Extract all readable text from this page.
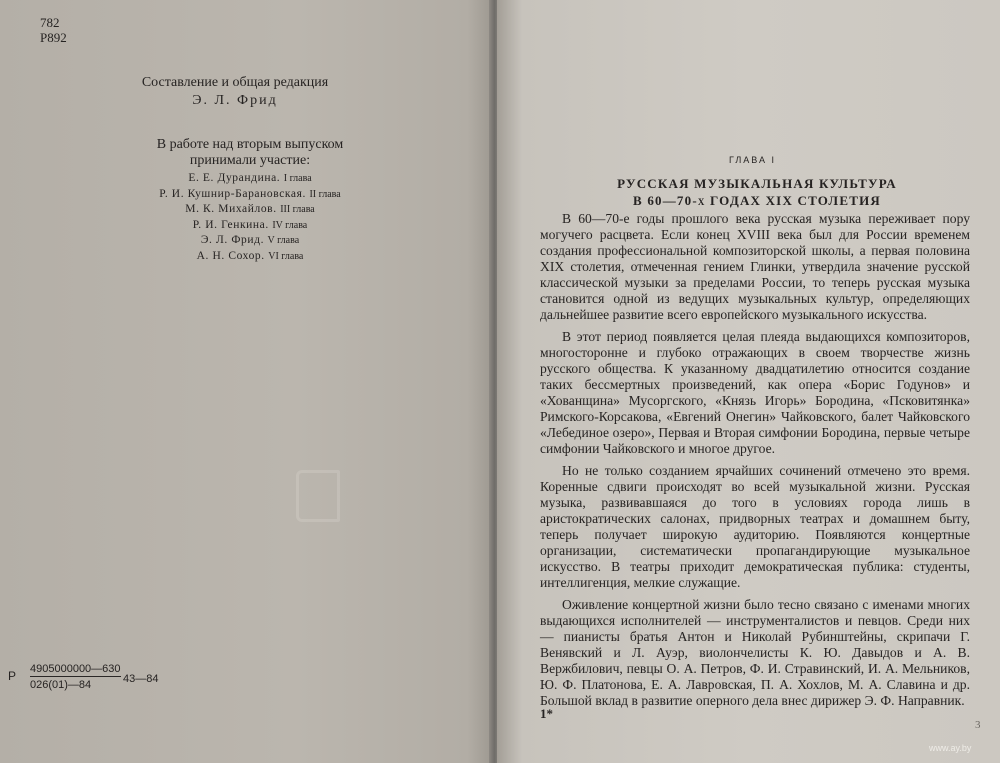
782
Р892
Составление и общая редакция
Э. Л. Фрид
В работе над вторым выпуском
принимали участие:
Е. Е. Дурандина. I глава
Р. И. Кушнир-Барановская. II глава
М. К. Михайлов. III глава
Р. И. Генкина. IV глава
Э. Л. Фрид. V глава
А. Н. Сохор. VI глава
Р 4905000000—630
026(01)—84	43—84
ГЛАВА I
РУССКАЯ МУЗЫКАЛЬНАЯ КУЛЬТУРА
В 60—70-х ГОДАХ XIX СТОЛЕТИЯ

В 60—70-е годы прошлого века русская музыка переживает пору могучего расцвета. Если конец XVIII века был для России временем создания профессиональной композиторской школы, а первая половина XIX столетия, отмеченная гением Глинки, утвердила значение русской классической музыки за пределами России, то теперь русская музыка становится одной из ведущих музыкальных культур, определяющих дальнейшее развитие всего европейского музыкального искусства.

В этот период появляется целая плеяда выдающихся композиторов, многосторонне и глубоко отражающих в своем творчестве жизнь русского общества. К указанному двадцатилетию относится создание таких бессмертных произведений, как опера «Борис Годунов» и «Хованщина» Мусоргского, «Князь Игорь» Бородина, «Псковитянка» Римского-Корсакова, «Евгений Онегин» Чайковского, балет Чайковского «Лебединое озеро», Первая и Вторая симфонии Бородина, первые четыре симфонии Чайковского и многое другое.

Но не только созданием ярчайших сочинений отмечено это время. Коренные сдвиги происходят во всей музыкальной жизни. Русская музыка, развивавшаяся до того в условиях города лишь в аристократических салонах, придворных театрах и домашнем быту, теперь получает широкую аудиторию. Появляются концертные организации, систематически пропагандирующие музыкальное искусство. В театры приходит демократическая публика: студенты, интеллигенция, мелкие служащие.

Оживление концертной жизни было тесно связано с именами многих выдающихся исполнителей — инструменталистов и певцов. Среди них — пианисты братья Антон и Николай Рубинштейны, скрипачи Г. Венявский и Л. Ауэр, виолончелисты К. Ю. Давыдов и А. В. Вержбилович, певцы О. А. Петров, Ф. И. Стравинский, И. А. Мельников, Ю. Ф. Платонова, Е. А. Лавровская, П. А. Хохлов, М. А. Славина и др. Большой вклад в развитие оперного дела внес дирижер Э. Ф. Направник.

1*
3
www.ay.by
